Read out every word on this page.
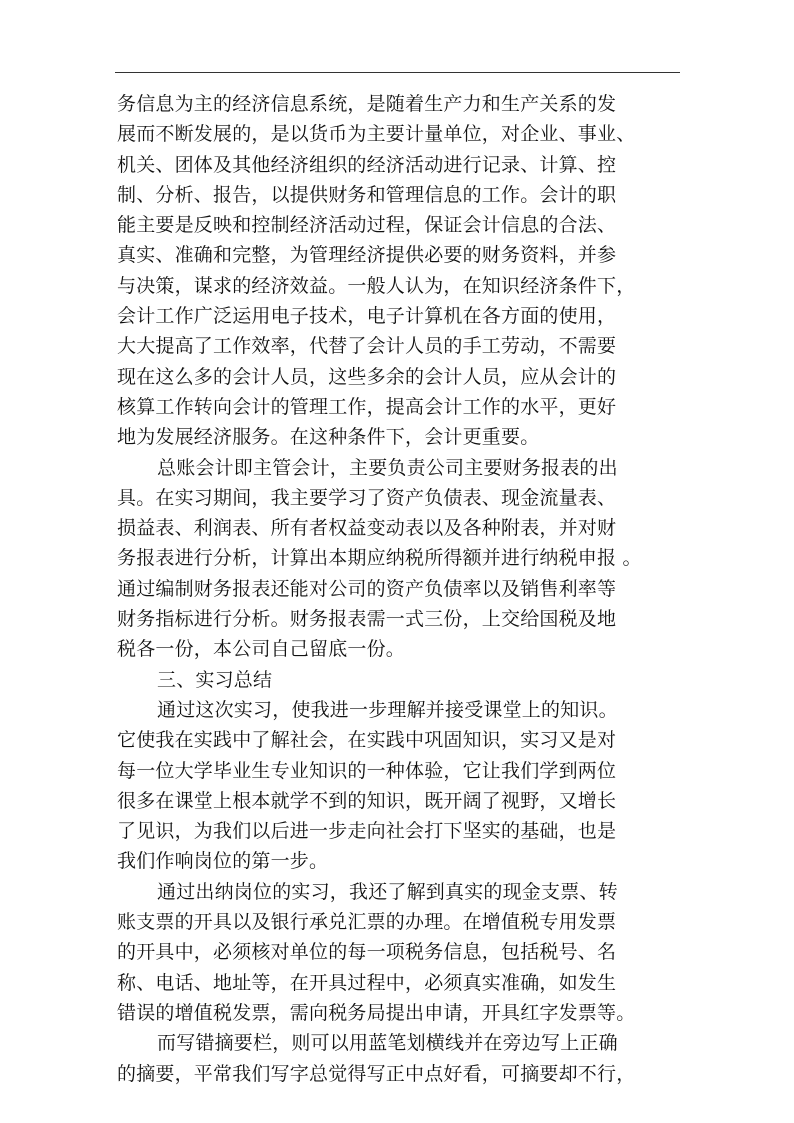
务信息为主的经济信息系统，是随着生产力和生产关系的发
展而不断发展的，是以货币为主要计量单位，对企业、事业、
机关、团体及其他经济组织的经济活动进行记录、计算、控
制、分析、报告，以提供财务和管理信息的工作。会计的职
能主要是反映和控制经济活动过程，保证会计信息的合法、
真实、准确和完整，为管理经济提供必要的财务资料，并参
与决策，谋求的经济效益。一般人认为，在知识经济条件下，
会计工作广泛运用电子技术，电子计算机在各方面的使用，
大大提高了工作效率，代替了会计人员的手工劳动，不需要
现在这么多的会计人员，这些多余的会计人员，应从会计的
核算工作转向会计的管理工作，提高会计工作的水平，更好
地为发展经济服务。在这种条件下，会计更重要。
总账会计即主管会计，主要负责公司主要财务报表的出
具。在实习期间，我主要学习了资产负债表、现金流量表、
损益表、利润表、所有者权益变动表以及各种附表，并对财
务报表进行分析，计算出本期应纳税所得额并进行纳税申报 。
通过编制财务报表还能对公司的资产负债率以及销售利率等
财务指标进行分析。财务报表需一式三份，上交给国税及地
税各一份，本公司自己留底一份。
三、实习总结
通过这次实习，使我进一步理解并接受课堂上的知识。
它使我在实践中了解社会，在实践中巩固知识，实习又是对
每一位大学毕业生专业知识的一种体验，它让我们学到两位
很多在课堂上根本就学不到的知识，既开阔了视野，又增长
了见识，为我们以后进一步走向社会打下坚实的基础，也是
我们作响岗位的第一步。
通过出纳岗位的实习，我还了解到真实的现金支票、转
账支票的开具以及银行承兑汇票的办理。在增值税专用发票
的开具中，必须核对单位的每一项税务信息，包括税号、名
称、电话、地址等，在开具过程中，必须真实准确，如发生
错误的增值税发票，需向税务局提出申请，开具红字发票等。
而写错摘要栏，则可以用蓝笔划横线并在旁边写上正确
的摘要，平常我们写字总觉得写正中点好看，可摘要却不行，
